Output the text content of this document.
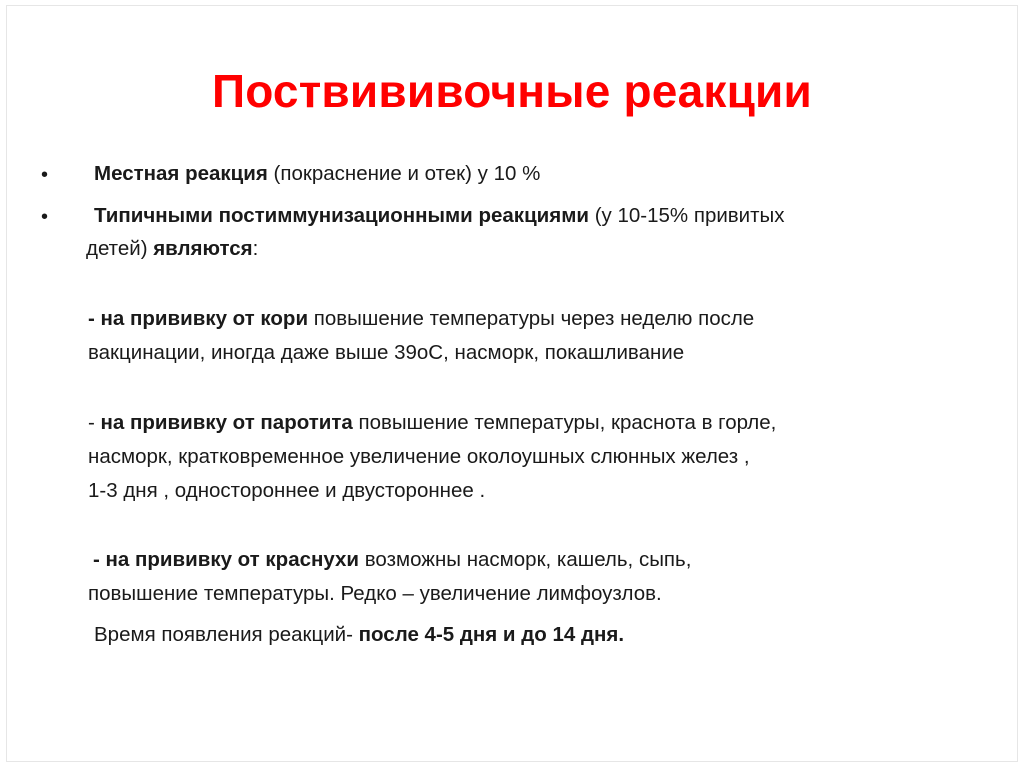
Поствививочные реакции
• Местная реакция (покраснение и отек) у 10 %
• Типичными постиммунизационными реакциями (у 10-15% привитых
детей) являются:
- на прививку от кори повышение температуры через неделю после
вакцинации, иногда даже выше 39оС, насморк, покашливание
- на прививку от паротита повышение температуры, краснота в горле,
насморк, кратковременное увеличение околоушных слюнных желез ,
1-3 дня , одностороннее и двустороннее .
- на прививку от краснухи возможны насморк, кашель, сыпь,
повышение температуры. Редко – увеличение лимфоузлов.
Время появления реакций- после 4-5 дня и до 14 дня.
